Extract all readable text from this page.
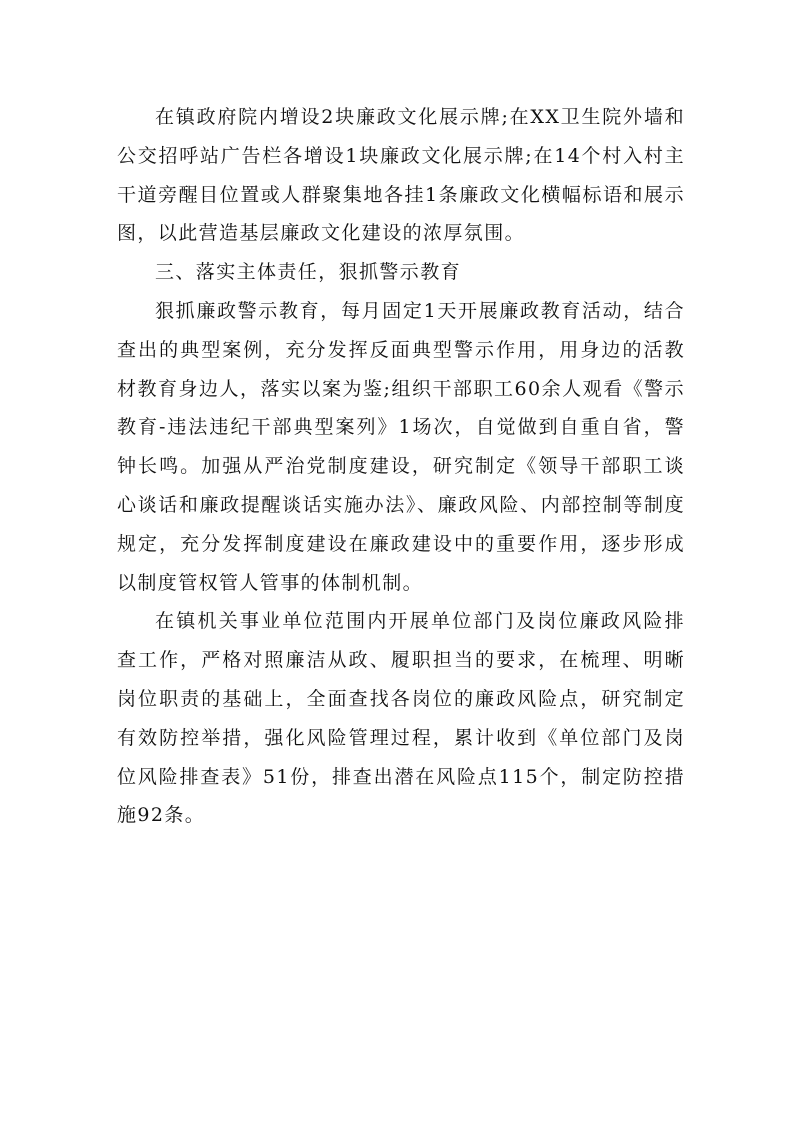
在镇政府院内增设2块廉政文化展示牌;在XX卫生院外墙和公交招呼站广告栏各增设1块廉政文化展示牌;在14个村入村主干道旁醒目位置或人群聚集地各挂1条廉政文化横幅标语和展示图，以此营造基层廉政文化建设的浓厚氛围。

三、落实主体责任，狠抓警示教育

狠抓廉政警示教育，每月固定1天开展廉政教育活动，结合查出的典型案例，充分发挥反面典型警示作用，用身边的活教材教育身边人，落实以案为鉴;组织干部职工60余人观看《警示教育-违法违纪干部典型案列》1场次，自觉做到自重自省，警钟长鸣。加强从严治党制度建设，研究制定《领导干部职工谈心谈话和廉政提醒谈话实施办法》、廉政风险、内部控制等制度规定，充分发挥制度建设在廉政建设中的重要作用，逐步形成以制度管权管人管事的体制机制。

在镇机关事业单位范围内开展单位部门及岗位廉政风险排查工作，严格对照廉洁从政、履职担当的要求，在梳理、明晰岗位职责的基础上，全面查找各岗位的廉政风险点，研究制定有效防控举措，强化风险管理过程，累计收到《单位部门及岗位风险排查表》51份，排查出潜在风险点115个，制定防控措施92条。
